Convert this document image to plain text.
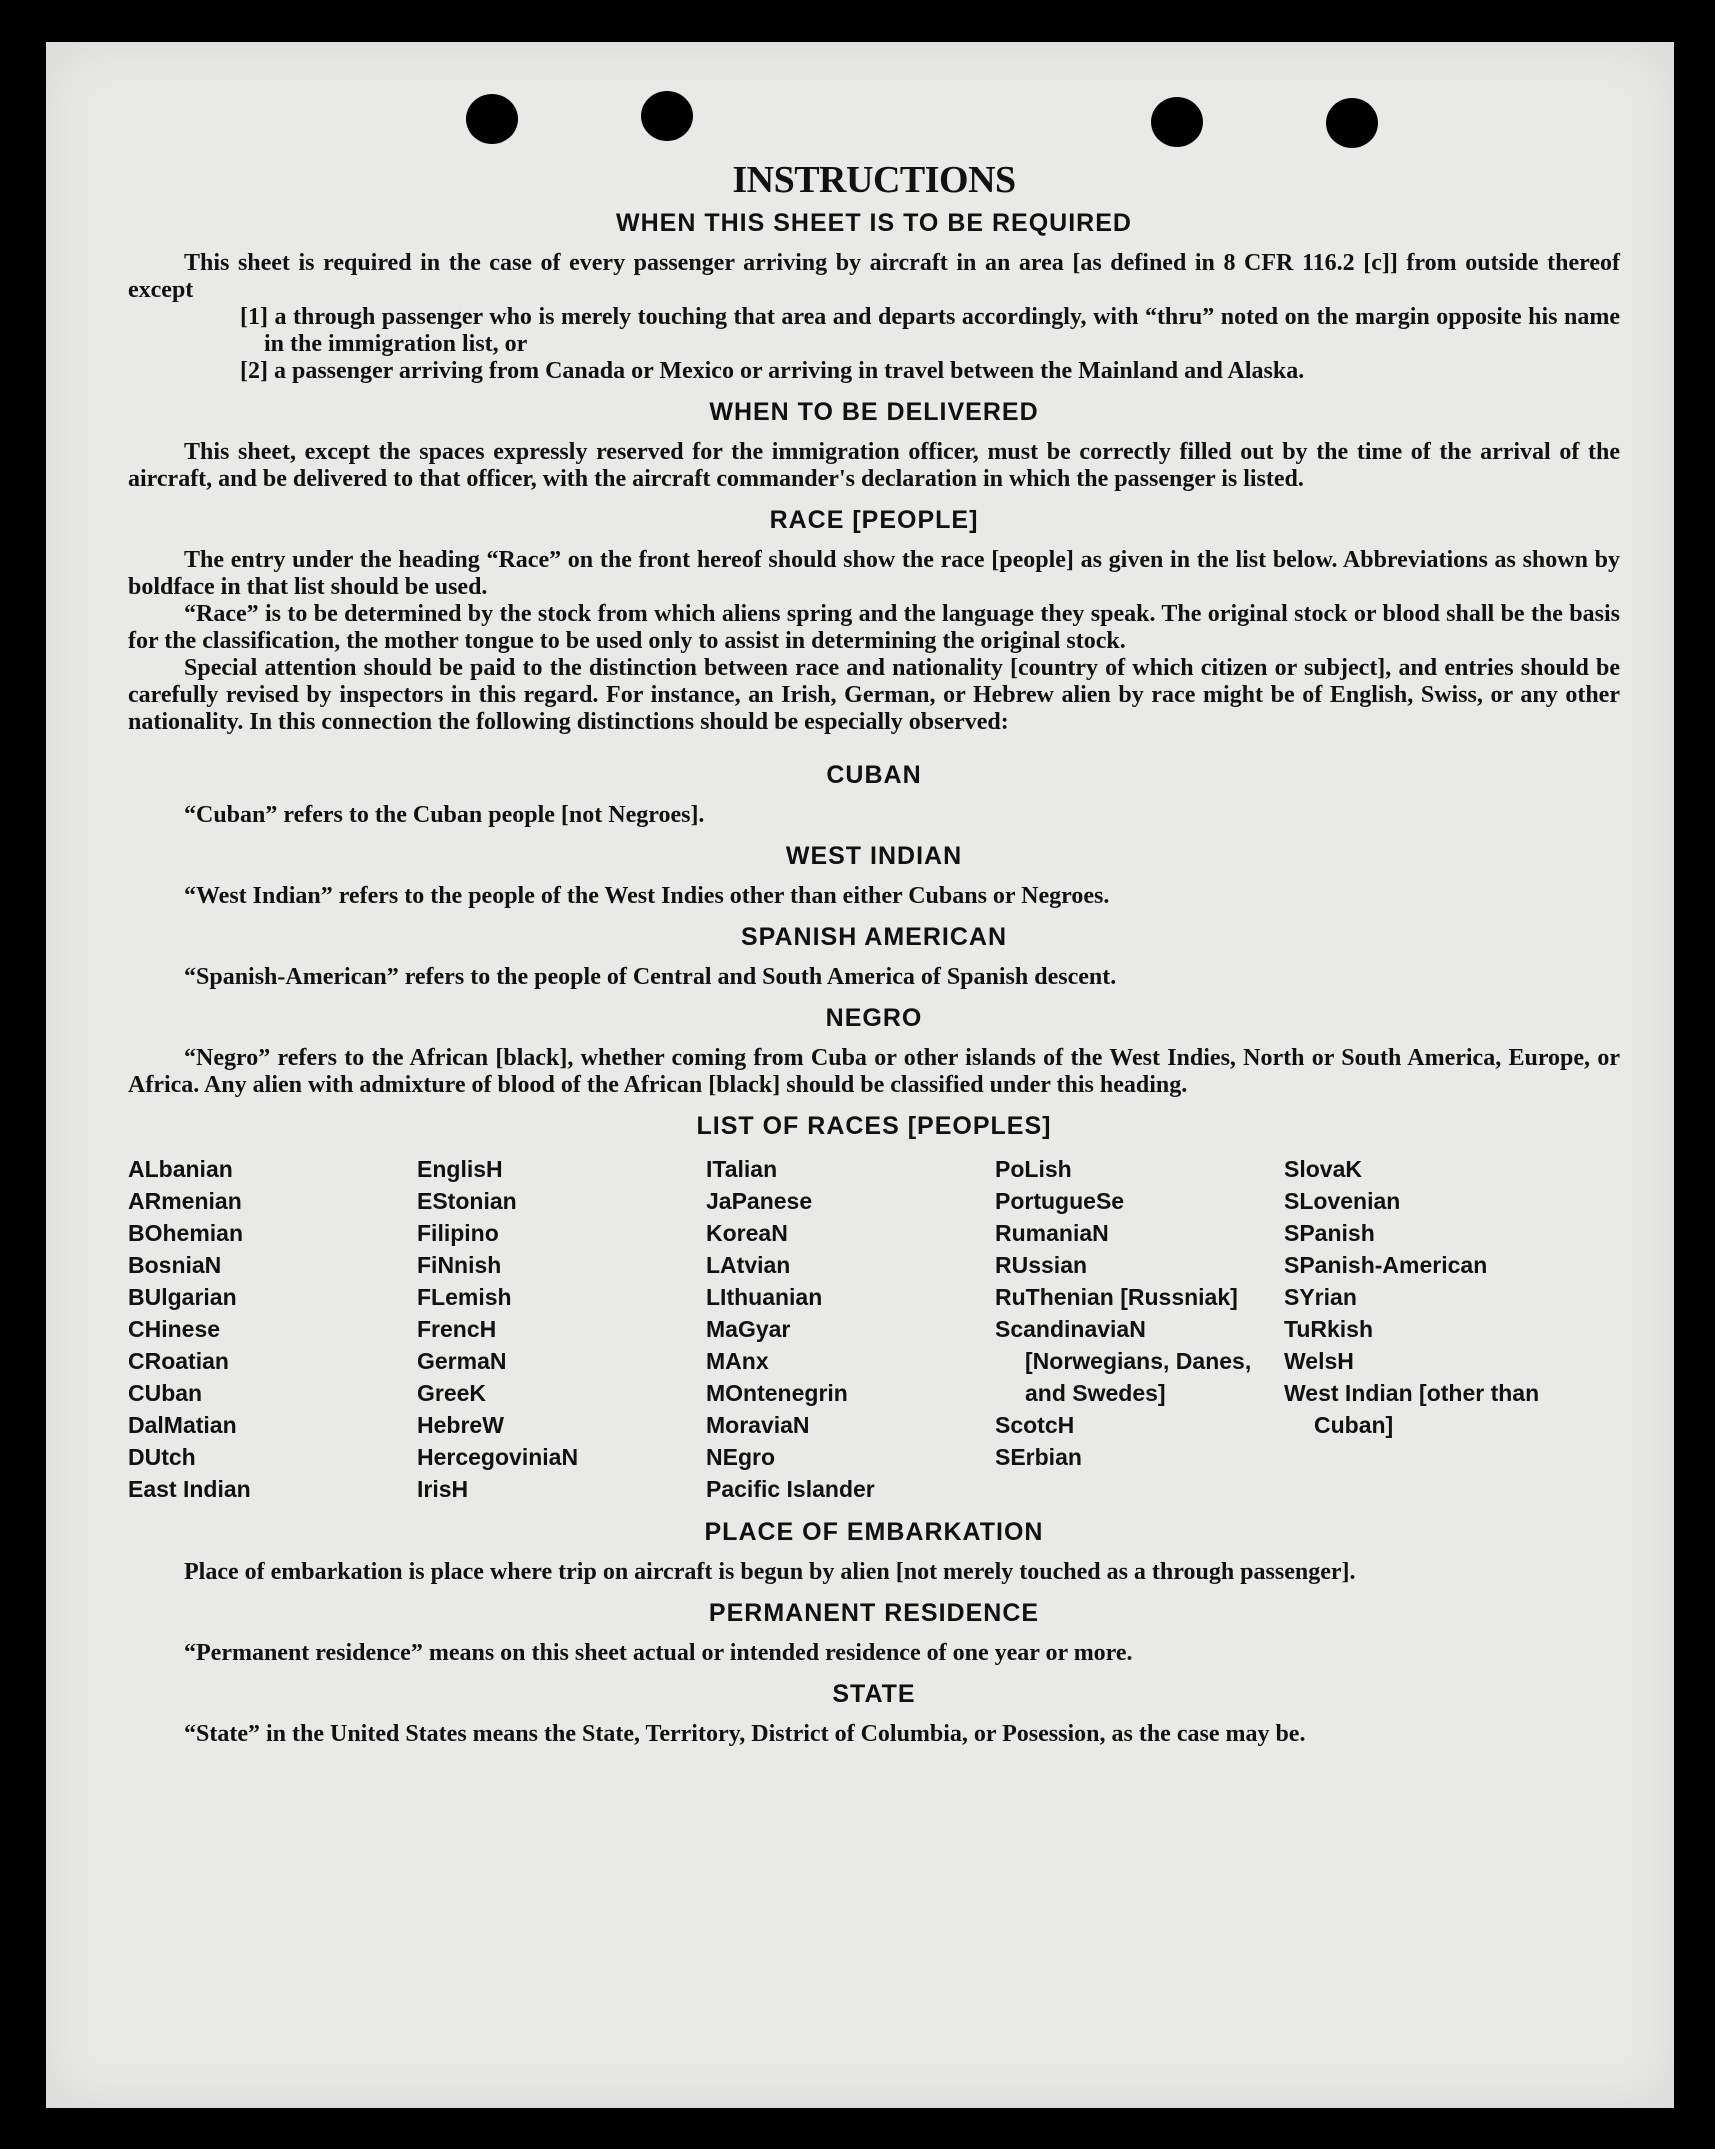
INSTRUCTIONS
WHEN THIS SHEET IS TO BE REQUIRED

This sheet is required in the case of every passenger arriving by aircraft in an area [as defined in 8 CFR 116.2 [c]] from outside thereof except

[1] a through passenger who is merely touching that area and departs accordingly, with “thru” noted on the margin opposite his name in the immigration list, or

[2] a passenger arriving from Canada or Mexico or arriving in travel between the Mainland and Alaska.

WHEN TO BE DELIVERED

This sheet, except the spaces expressly reserved for the immigration officer, must be correctly filled out by the time of the arrival of the aircraft, and be delivered to that officer, with the aircraft commander's declaration in which the passenger is listed.

RACE [PEOPLE]

The entry under the heading “Race” on the front hereof should show the race [people] as given in the list below. Abbreviations as shown by boldface in that list should be used.

“Race” is to be determined by the stock from which aliens spring and the language they speak. The original stock or blood shall be the basis for the classification, the mother tongue to be used only to assist in determining the original stock.

Special attention should be paid to the distinction between race and nationality [country of which citizen or subject], and entries should be carefully revised by inspectors in this regard. For instance, an Irish, German, or Hebrew alien by race might be of English, Swiss, or any other nationality. In this connection the following distinctions should be especially observed:

CUBAN

“Cuban” refers to the Cuban people [not Negroes].

WEST INDIAN

“West Indian” refers to the people of the West Indies other than either Cubans or Negroes.

SPANISH AMERICAN

“Spanish-American” refers to the people of Central and South America of Spanish descent.

NEGRO

“Negro” refers to the African [black], whether coming from Cuba or other islands of the West Indies, North or South America, Europe, or Africa. Any alien with admixture of blood of the African [black] should be classified under this heading.

LIST OF RACES [PEOPLES]
ALbanian
ARmenian
BOhemian
BosniaN
BUlgarian
CHinese
CRoatian
CUban
DalMatian
DUtch
East Indian
EnglisH
EStonian
Filipino
FiNnish
FLemish
FrencH
GermaN
GreeK
HebreW
HercegoviniaN
IrisH
ITalian
JaPanese
KoreaN
LAtvian
LIthuanian
MaGyar
MAnx
MOntenegrin
MoraviaN
NEgro
Pacific Islander
PoLish
PortugueSe
RumaniaN
RUssian
RuThenian [Russniak]
ScandinaviaN [Norwegians, Danes, and Swedes]
ScotcH
SErbian
SlovaK
SLovenian
SPanish
SPanish-American
SYrian
TuRkish
WelsH
West Indian [other than Cuban]
PLACE OF EMBARKATION

Place of embarkation is place where trip on aircraft is begun by alien [not merely touched as a through passenger].

PERMANENT RESIDENCE

“Permanent residence” means on this sheet actual or intended residence of one year or more.

STATE

“State” in the United States means the State, Territory, District of Columbia, or Posession, as the case may be.
